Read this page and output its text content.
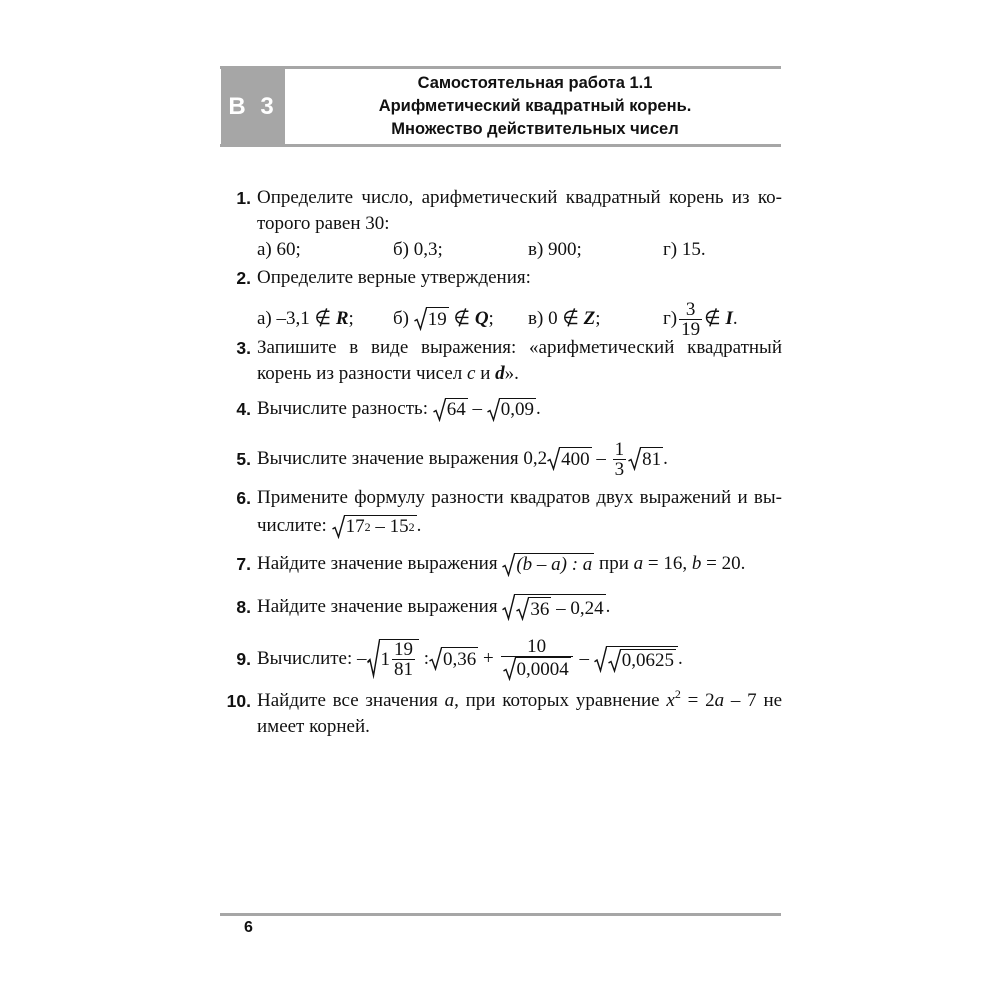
В 3
Самостоятельная работа 1.1
Арифметический квадратный корень.
Множество действительных чисел
1. Определите число, арифметический квадратный корень из ко-
торого равен 30:
а) 60;	б) 0,3;	в) 900;	г) 15.
2. Определите верные утверждения:
а)
–3,1
∉
R ; б)
19
∉
Q ; в)
0
∉
Z ;	$г) \frac{3}{19}$ ∉
I .
3. Запишите в виде выражения: «арифметический квадратный
корень из разности чисел c и d».
4. Вычислите разность: 64 – 0,09 .
5. Вычислите значение выражения
0,2 400
–
$\frac{1}{3} 81$ .
6. Примените формулу разности квадратов двух выражений и вы-
числите: 17 2
–
15 2 .
7. Найдите значение выражения (b – a) : a при a = 16, b = 20.
8. Найдите значение выражения 36
– 0,24 .
9. Вычислите:
– $1 \frac{19}{81}$
: 0,36
+
$\frac{10}{0,0004}$
–
0,0625 .
10. Найдите все значения a, при которых уравнение $x^2 = 2a - 7$ не
имеет корней.
6
